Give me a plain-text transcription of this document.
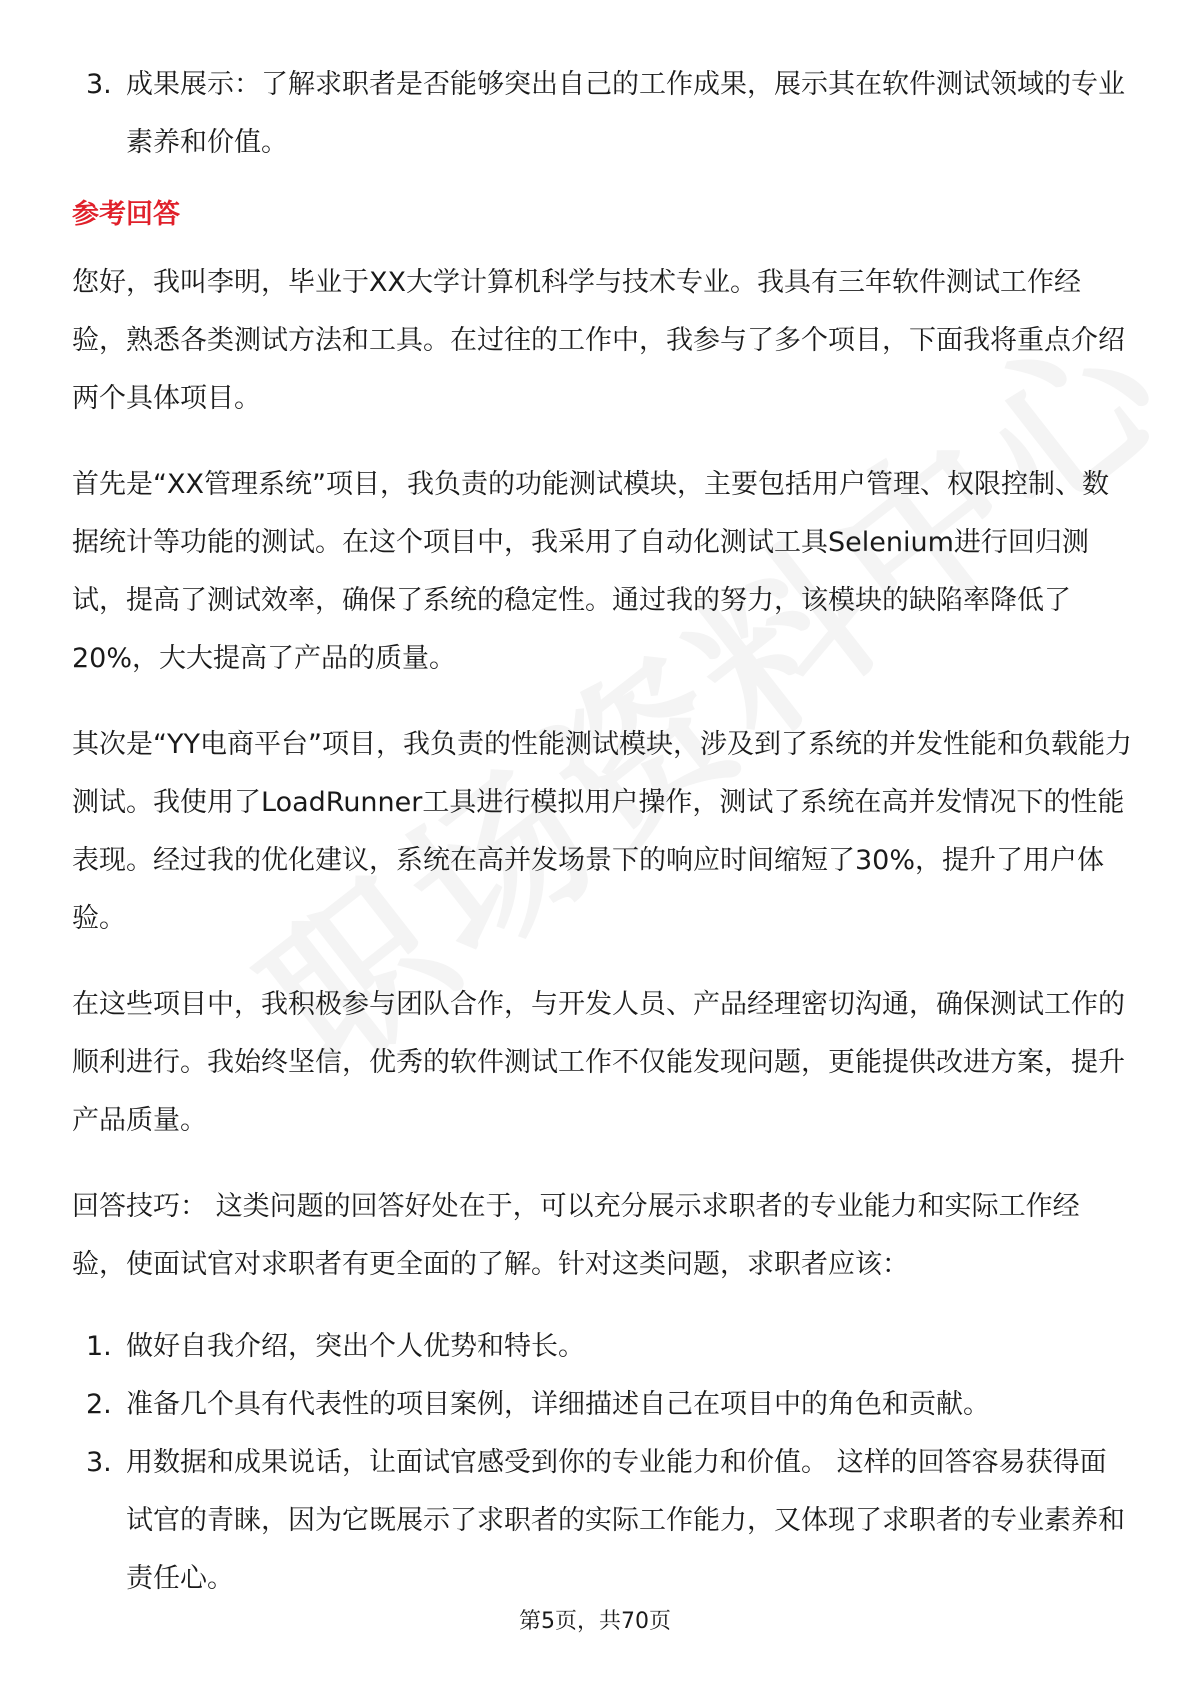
3. 成果展示：了解求职者是否能够突出自己的工作成果，展示其在软件测试领域的专业素养和价值。
参考回答

您好，我叫李明，毕业于XX大学计算机科学与技术专业。我具有三年软件测试工作经验，熟悉各类测试方法和工具。在过往的工作中，我参与了多个项目，下面我将重点介绍两个具体项目。

首先是“XX管理系统”项目，我负责的功能测试模块，主要包括用户管理、权限控制、数据统计等功能的测试。在这个项目中，我采用了自动化测试工具Selenium进行回归测试，提高了测试效率，确保了系统的稳定性。通过我的努力，该模块的缺陷率降低了20%，大大提高了产品的质量。

其次是“YY电商平台”项目，我负责的性能测试模块，涉及到了系统的并发性能和负载能力测试。我使用了LoadRunner工具进行模拟用户操作，测试了系统在高并发情况下的性能表现。经过我的优化建议，系统在高并发场景下的响应时间缩短了30%，提升了用户体验。

在这些项目中，我积极参与团队合作，与开发人员、产品经理密切沟通，确保测试工作的顺利进行。我始终坚信，优秀的软件测试工作不仅能发现问题，更能提供改进方案，提升产品质量。

回答技巧： 这类问题的回答好处在于，可以充分展示求职者的专业能力和实际工作经验，使面试官对求职者有更全面的了解。针对这类问题，求职者应该：

1. 做好自我介绍，突出个人优势和特长。
2. 准备几个具有代表性的项目案例，详细描述自己在项目中的角色和贡献。
3. 用数据和成果说话，让面试官感受到你的专业能力和价值。 这样的回答容易获得面试官的青睐，因为它既展示了求职者的实际工作能力，又体现了求职者的专业素养和责任心。
第5页，共70页
